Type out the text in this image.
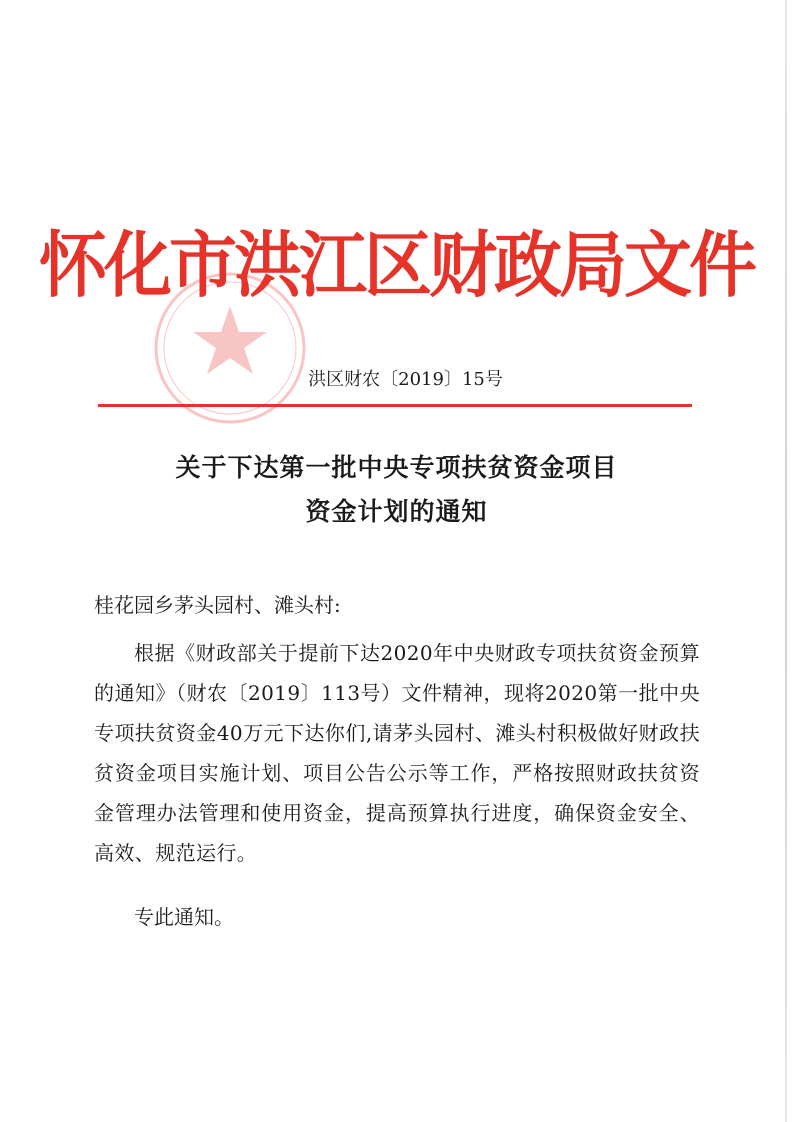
怀化市洪江区财政局文件
洪区财农〔2019〕15号
关于下达第一批中央专项扶贫资金项目
资金计划的通知
桂花园乡茅头园村、滩头村:

根据《财政部关于提前下达2020年中央财政专项扶贫资金预算的通知》（财农〔2019〕113号）文件精神，现将2020第一批中央专项扶贫资金40万元下达你们,请茅头园村、滩头村积极做好财政扶贫资金项目实施计划、项目公告公示等工作，严格按照财政扶贫资金管理办法管理和使用资金，提高预算执行进度，确保资金安全、高效、规范运行。

专此通知。
